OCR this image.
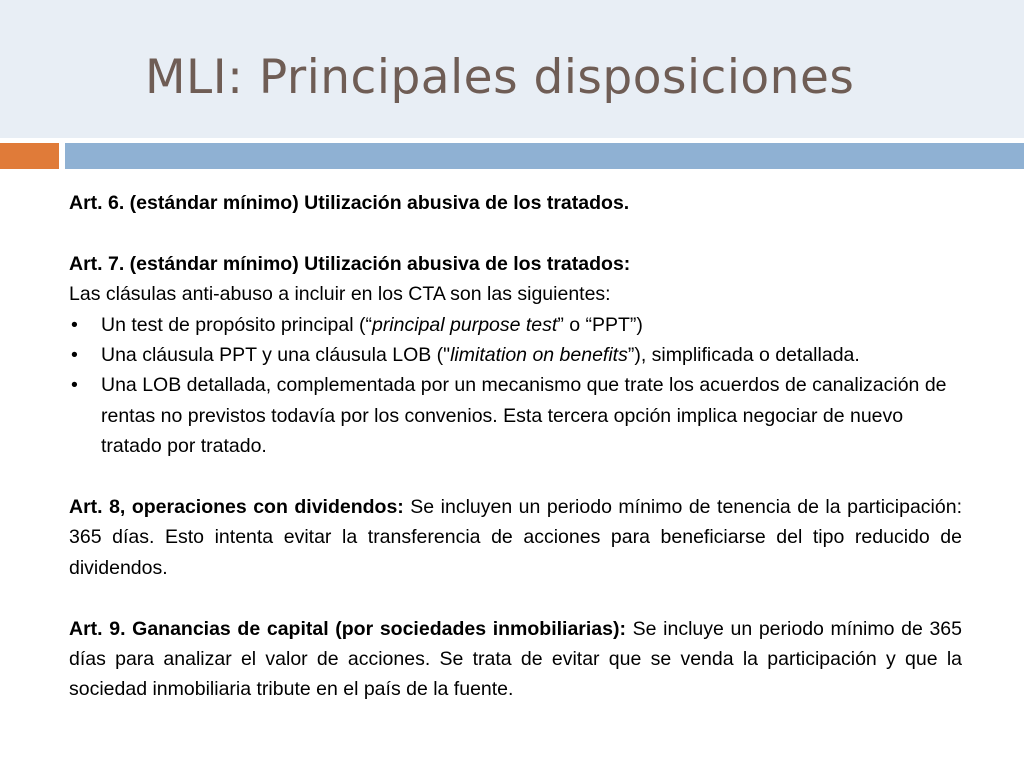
MLI: Principales disposiciones

Art. 6. (estándar mínimo) Utilización abusiva de los tratados.

Art. 7. (estándar mínimo) Utilización abusiva de los tratados:

Las clásulas anti-abuso a incluir en los CTA son las siguientes:

• Un test de propósito principal (“principal purpose test” o “PPT”)
• Una cláusula PPT y una cláusula LOB ("limitation on benefits”), simplificada o detallada.
• Una LOB detallada, complementada por un mecanismo que trate los acuerdos de canalización de rentas no previstos todavía por los convenios. Esta tercera opción implica negociar de nuevo tratado por tratado.

Art. 8, operaciones con dividendos: Se incluyen un periodo mínimo de tenencia de la participación: 365 días. Esto intenta evitar la transferencia de acciones para beneficiarse del tipo reducido de dividendos.

Art. 9. Ganancias de capital (por sociedades inmobiliarias): Se incluye un periodo mínimo de 365 días para analizar el valor de acciones. Se trata de evitar que se venda la participación y que la sociedad inmobiliaria tribute en el país de la fuente.
